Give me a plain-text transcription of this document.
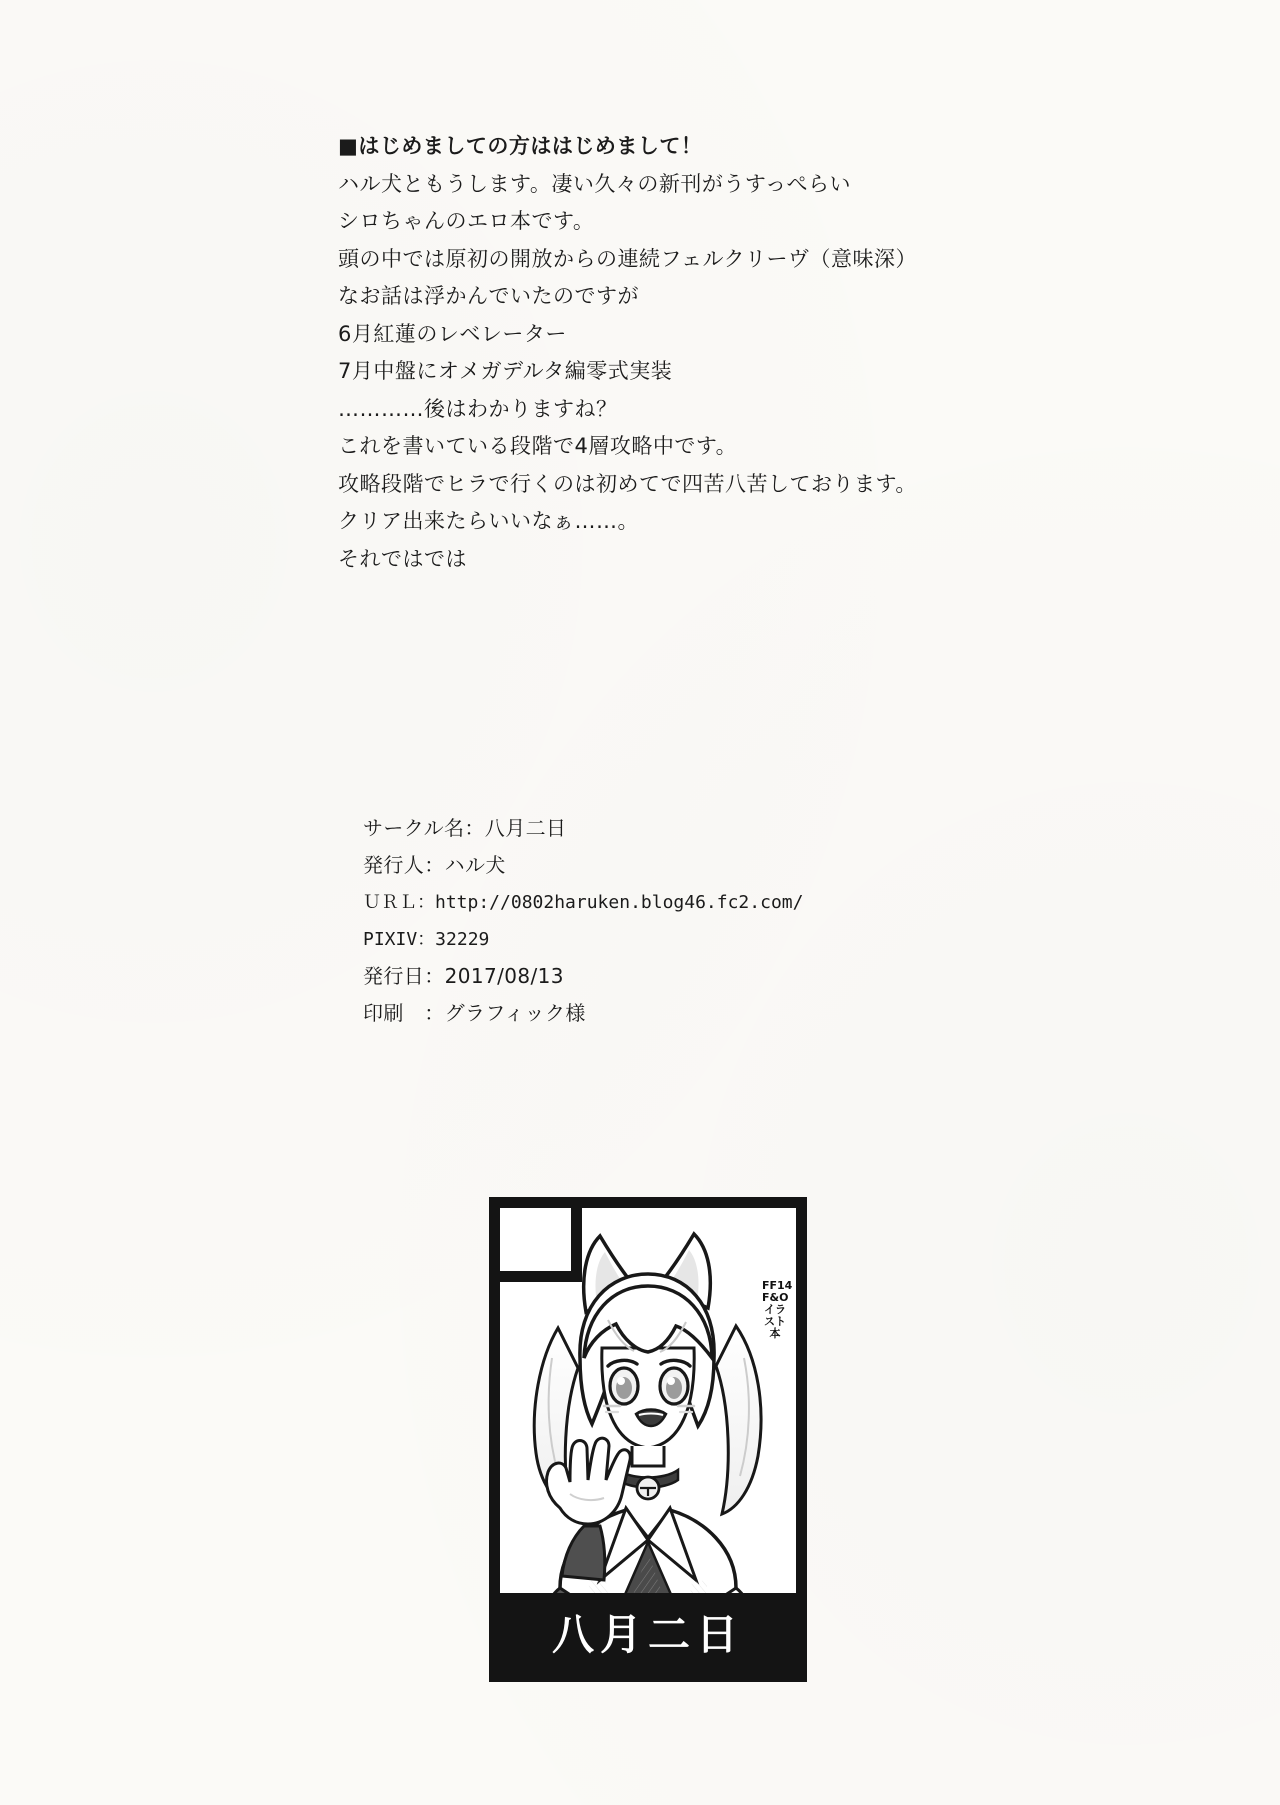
■はじめましての方ははじめまして！
ハル犬ともうします。凄い久々の新刊がうすっぺらい
シロちゃんのエロ本です。
頭の中では原初の開放からの連続フェルクリーヴ（意味深）
なお話は浮かんでいたのですが
6月紅蓮のレベレーター
7月中盤にオメガデルタ編零式実装
…………後はわかりますね？
これを書いている段階で4層攻略中です。
攻略段階でヒラで行くのは初めてで四苦八苦しております。
クリア出来たらいいなぁ……。
それではでは
サークル名：八月二日
発行人：ハル犬
ＵＲＬ：http://0802haruken.blog46.fc2.com/
PIXIV：32229
発行日：2017/08/13
印刷　：グラフィック様
FF14 F&O イラスト 本
八月二日
